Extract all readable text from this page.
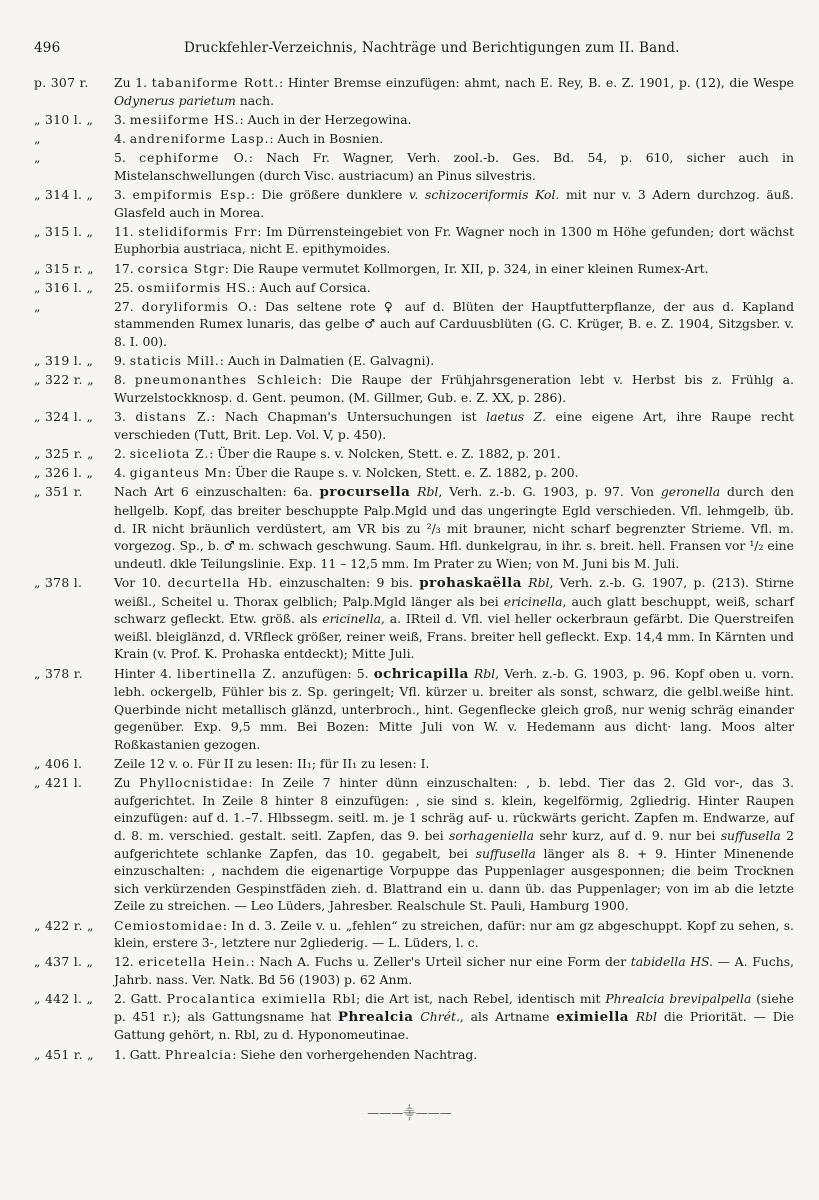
496	Druckfehler-Verzeichnis, Nachträge und Berichtigungen zum II. Band.
p. 307 r.	Zu 1. tabaniforme Rott.: Hinter Bremse einzufügen: ahmt, nach E. Rey, B. e. Z. 1901, p. (12), die Wespe Odynerus parietum nach.
„ 310 l. „	3. mesiiforme HS.: Auch in der Herzegowina.
„	4. andreniforme Lasp.: Auch in Bosnien.
„	5. cephiforme O.: Nach Fr. Wagner, Verh. zool.-b. Ges. Bd. 54, p. 610, sicher auch in Mistelanschwellungen (durch Visc. austriacum) an Pinus silvestris.
„ 314 l. „	3. empiformis Esp.: Die größere dunklere v. schizoceriformis Kol. mit nur v. 3 Adern durchzog. äuß. Glasfeld auch in Morea.
„ 315 l. „	11. stelidiformis Frr: Im Dürrensteingebiet von Fr. Wagner noch in 1300 m Höhe gefunden; dort wächst Euphorbia austriaca, nicht E. epithymoides.
„ 315 r. „	17. corsica Stgr: Die Raupe vermutet Kollmorgen, Ir. XII, p. 324, in einer kleinen Rumex-Art.
„ 316 l. „	25. osmiiformis HS.: Auch auf Corsica.
„	27. doryliformis O.: Das seltene rote ♀ auf d. Blüten der Hauptfutterpflanze, der aus d. Kapland stammenden Rumex lunaris, das gelbe ♂ auch auf Carduusblüten (G. C. Krüger, B. e. Z. 1904, Sitzgsber. v. 8. I. 00).
„ 319 l. „	9. staticis Mill.: Auch in Dalmatien (E. Galvagni).
„ 322 r. „	8. pneumonanthes Schleich: Die Raupe der Frühjahrsgeneration lebt v. Herbst bis z. Frühlg a. Wurzelstockknosp. d. Gent. peumon. (M. Gillmer, Gub. e. Z. XX, p. 286).
„ 324 l. „	3. distans Z.: Nach Chapman's Untersuchungen ist laetus Z. eine eigene Art, ihre Raupe recht verschieden (Tutt, Brit. Lep. Vol. V, p. 450).
„ 325 r. „	2. siceliota Z.: Über die Raupe s. v. Nolcken, Stett. e. Z. 1882, p. 201.
„ 326 l. „	4. giganteus Mn: Über die Raupe s. v. Nolcken, Stett. e. Z. 1882, p. 200.
„ 351 r.	Nach Art 6 einzuschalten: 6a. procursella Rbl, Verh. z.-b. G. 1903, p. 97. Von geronella durch den hellgelb. Kopf, das breiter beschuppte Palp.Mgld und das ungeringte Egld verschieden. Vfl. lehmgelb, üb. d. IR nicht bräunlich verdüstert, am VR bis zu ²/₃ mit brauner, nicht scharf begrenzter Strieme. Vfl. m. vorgezog. Sp., b. ♂ m. schwach geschwung. Saum. Hfl. dunkelgrau, in ihr. s. breit. hell. Fransen vor ¹/₂ eine undeutl. dkle Teilungslinie. Exp. 11 – 12,5 mm. Im Prater zu Wien; von M. Juni bis M. Juli.
„ 378 l.	Vor 10. decurtella Hb. einzuschalten: 9 bis. prohaskaëlla Rbl, Verh. z.-b. G. 1907, p. (213). Stirne weißl., Scheitel u. Thorax gelblich; Palp.Mgld länger als bei ericinella, auch glatt beschuppt, weiß, scharf schwarz gefleckt. Etw. größ. als ericinella, a. IRteil d. Vfl. viel heller ockerbraun gefärbt. Die Querstreifen weißl. bleiglänzd, d. VRfleck größer, reiner weiß, Frans. breiter hell gefleckt. Exp. 14,4 mm. In Kärnten und Krain (v. Prof. K. Prohaska entdeckt); Mitte Juli.
„ 378 r.	Hinter 4. libertinella Z. anzufügen: 5. ochricapilla Rbl, Verh. z.-b. G. 1903, p. 96. Kopf oben u. vorn. lebh. ockergelb, Fühler bis z. Sp. geringelt; Vfl. kürzer u. breiter als sonst, schwarz, die gelbl.weiße hint. Querbinde nicht metallisch glänzd, unterbroch., hint. Gegenflecke gleich groß, nur wenig schräg einander gegenüber. Exp. 9,5 mm. Bei Bozen: Mitte Juli von W. v. Hedemann aus dicht· lang. Moos alter Roßkastanien gezogen.
„ 406 l.	Zeile 12 v. o. Für II zu lesen: II₁; für II₁ zu lesen: I.
„ 421 l.	Zu Phyllocnistidae: In Zeile 7 hinter dünn einzuschalten: , b. lebd. Tier das 2. Gld vor-, das 3. aufgerichtet. In Zeile 8 hinter 8 einzufügen: , sie sind s. klein, kegelförmig, 2gliedrig. Hinter Raupen einzufügen: auf d. 1.–7. Hlbssegm. seitl. m. je 1 schräg auf- u. rückwärts gericht. Zapfen m. Endwarze, auf d. 8. m. verschied. gestalt. seitl. Zapfen, das 9. bei sorhageniella sehr kurz, auf d. 9. nur bei suffusella 2 aufgerichtete schlanke Zapfen, das 10. gegabelt, bei suffusella länger als 8. + 9. Hinter Minenende einzuschalten: , nachdem die eigenartige Vorpuppe das Puppenlager ausgesponnen; die beim Trocknen sich verkürzenden Gespinstfäden zieh. d. Blattrand ein u. dann üb. das Puppenlager; von im ab die letzte Zeile zu streichen. — Leo Lüders, Jahresber. Realschule St. Pauli, Hamburg 1900.
„ 422 r. „	Cemiostomidae: In d. 3. Zeile v. u. „fehlen“ zu streichen, dafür: nur am gz abgeschuppt. Kopf zu sehen, s. klein, erstere 3-, letztere nur 2gliederig. — L. Lüders, l. c.
„ 437 l. „	12. ericetella Hein.: Nach A. Fuchs u. Zeller's Urteil sicher nur eine Form der tabidella HS. — A. Fuchs, Jahrb. nass. Ver. Natk. Bd 56 (1903) p. 62 Anm.
„ 442 l. „	2. Gatt. Procalantica eximiella Rbl; die Art ist, nach Rebel, identisch mit Phrealcia brevipalpella (siehe p. 451 r.); als Gattungsname hat Phrealcia Chrét., als Artname eximiella Rbl die Priorität. — Die Gattung gehört, n. Rbl, zu d. Hyponomeutinae.
„ 451 r. „	1. Gatt. Phrealcia: Siehe den vorhergehenden Nachtrag.
———⸎———
